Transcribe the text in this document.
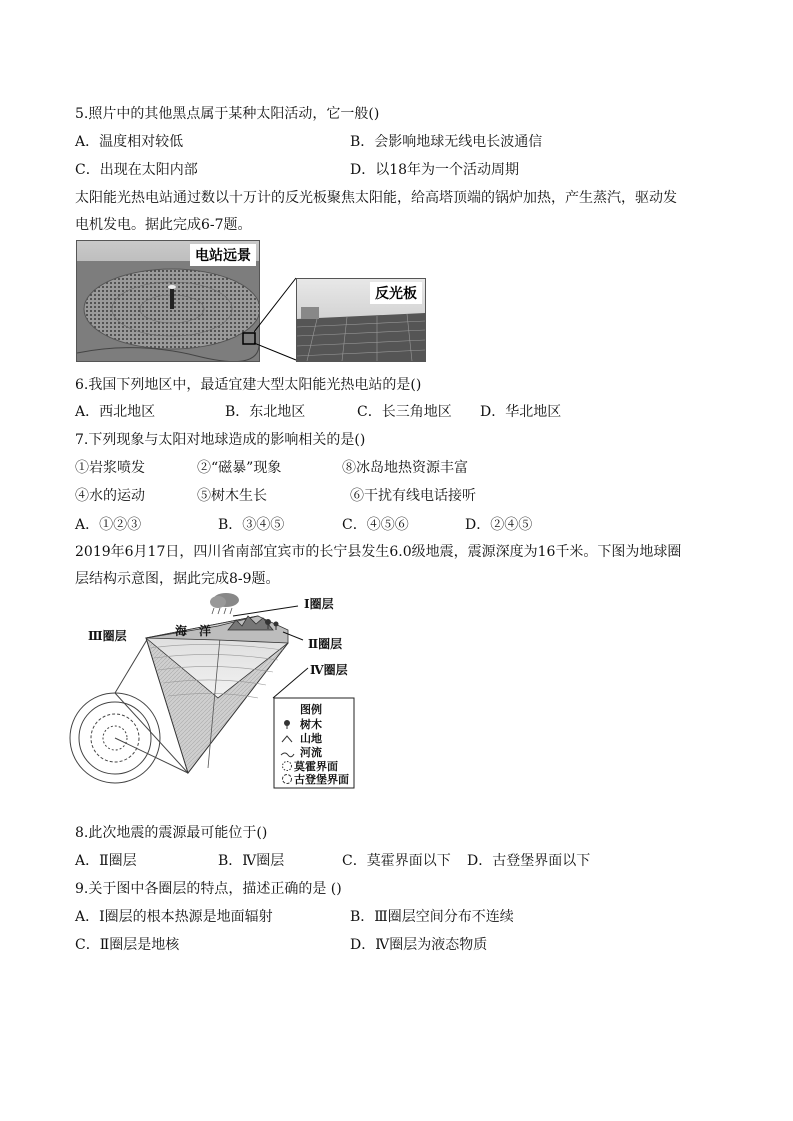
5.照片中的其他黑点属于某种太阳活动，它一般()
A．温度相对较低	B．会影响地球无线电长波通信
C．出现在太阳内部	D．以18年为一个活动周期
太阳能光热电站通过数以十万计的反光板聚焦太阳能，给高塔顶端的锅炉加热，产生蒸汽，驱动发
电机发电。据此完成6-7题。
电站远景
反光板
6.我国下列地区中，最适宜建大型太阳能光热电站的是()
A．西北地区	B．东北地区	C．长三角地区 D．华北地区
7.下列现象与太阳对地球造成的影响相关的是()
①岩浆喷发	②“磁暴”现象	⑧冰岛地热资源丰富
④水的运动	⑤树木生长	⑥干扰有线电话接听
A．①②③	B．③④⑤	C．④⑤⑥	D．②④⑤
2019年6月17日，四川省南部宜宾市的长宁县发生6.0级地震，震源深度为16千米。下图为地球圈
层结构示意图，据此完成8-9题。
Ⅲ圈层	海　洋
Ⅰ圈层
Ⅱ圈层
Ⅳ圈层
图例
树木
山地
河流
莫霍界面
古登堡界面
8.此次地震的震源最可能位于()
A．Ⅱ圈层	B．Ⅳ圈层	C．莫霍界面以下 D．古登堡界面以下
9.关于图中各圈层的特点，描述正确的是 ()
A．Ⅰ圈层的根本热源是地面辐射	B．Ⅲ圈层空间分布不连续
C．Ⅱ圈层是地核	D．Ⅳ圈层为液态物质
